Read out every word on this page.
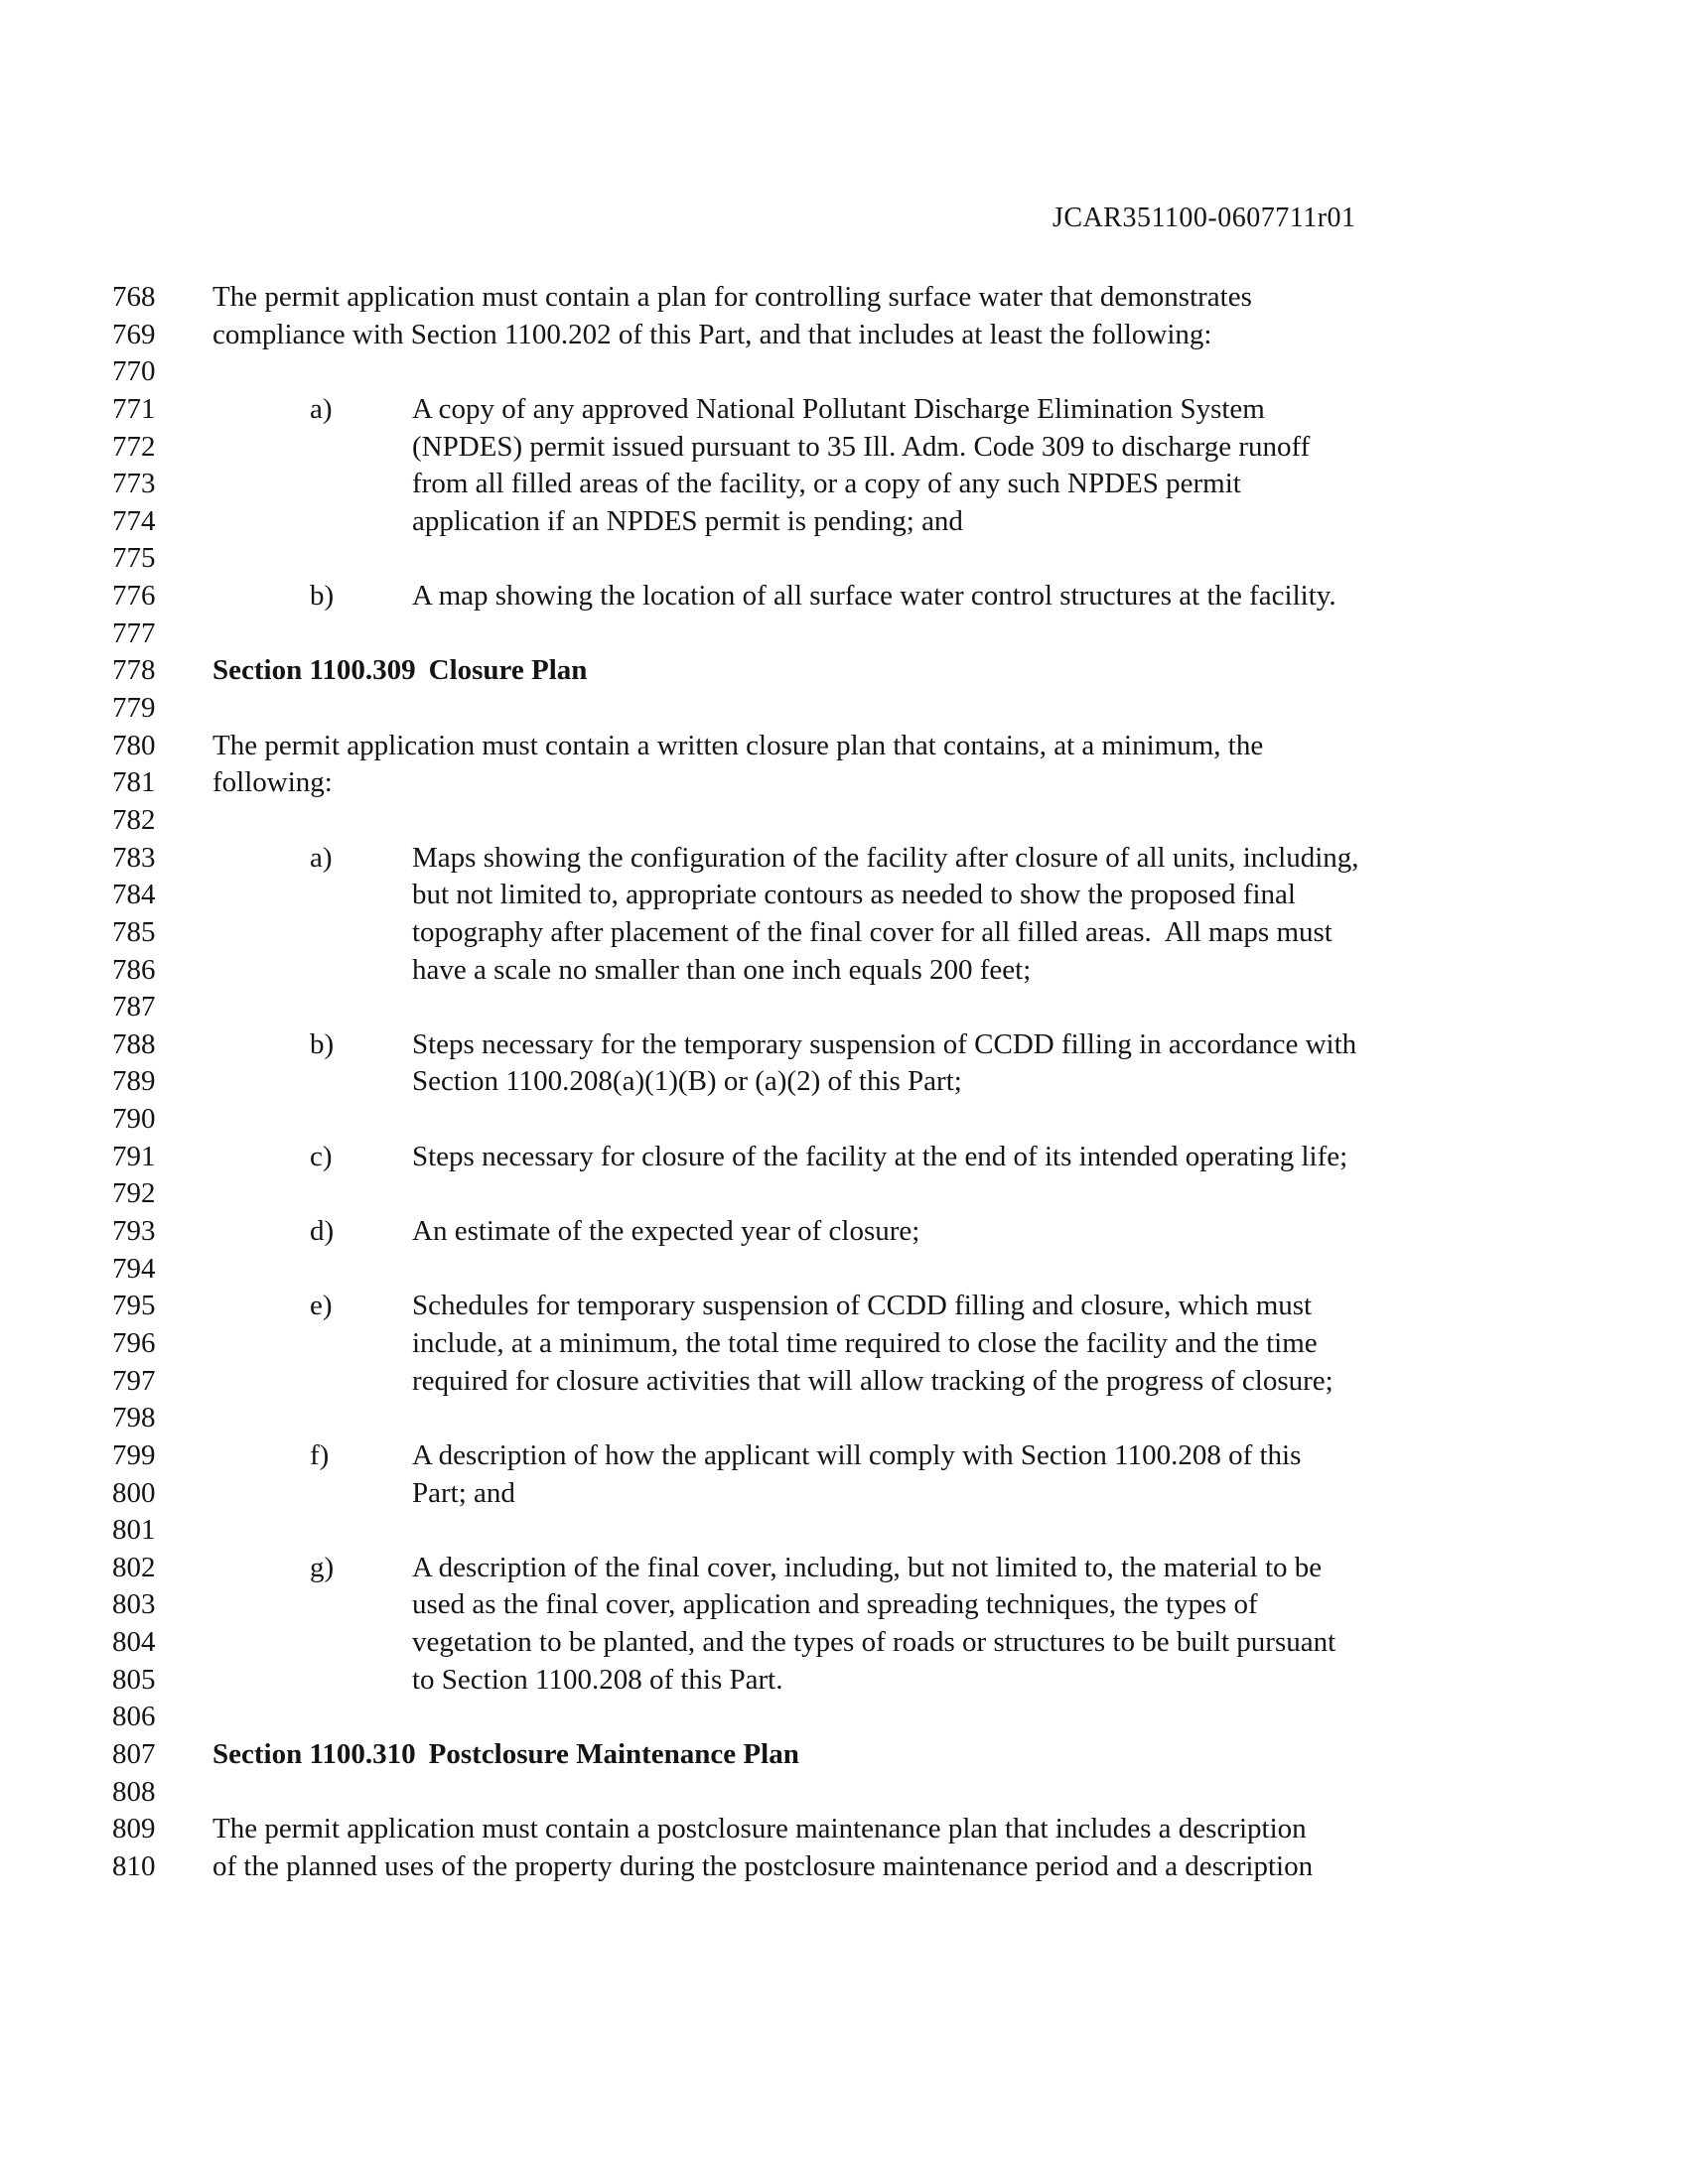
JCAR351100-0607711r01
768	The permit application must contain a plan for controlling surface water that demonstrates
769	compliance with Section 1100.202 of this Part, and that includes at least the following:
770
771	a)	A copy of any approved National Pollutant Discharge Elimination System
772	(NPDES) permit issued pursuant to 35 Ill. Adm. Code 309 to discharge runoff
773	from all filled areas of the facility, or a copy of any such NPDES permit
774	application if an NPDES permit is pending; and
775
776	b)	A map showing the location of all surface water control structures at the facility.
777
778	Section 1100.309 Closure Plan
779
780	The permit application must contain a written closure plan that contains, at a minimum, the
781	following:
782
783	a)	Maps showing the configuration of the facility after closure of all units, including,
784	but not limited to, appropriate contours as needed to show the proposed final
785	topography after placement of the final cover for all filled areas.  All maps must
786	have a scale no smaller than one inch equals 200 feet;
787
788	b)	Steps necessary for the temporary suspension of CCDD filling in accordance with
789	Section 1100.208(a)(1)(B) or (a)(2) of this Part;
790
791	c)	Steps necessary for closure of the facility at the end of its intended operating life;
792
793	d)	An estimate of the expected year of closure;
794
795	e)	Schedules for temporary suspension of CCDD filling and closure, which must
796	include, at a minimum, the total time required to close the facility and the time
797	required for closure activities that will allow tracking of the progress of closure;
798
799	f)	A description of how the applicant will comply with Section 1100.208 of this
800	Part; and
801
802	g)	A description of the final cover, including, but not limited to, the material to be
803	used as the final cover, application and spreading techniques, the types of
804	vegetation to be planted, and the types of roads or structures to be built pursuant
805	to Section 1100.208 of this Part.
806
807	Section 1100.310 Postclosure Maintenance Plan
808
809	The permit application must contain a postclosure maintenance plan that includes a description
810	of the planned uses of the property during the postclosure maintenance period and a description
